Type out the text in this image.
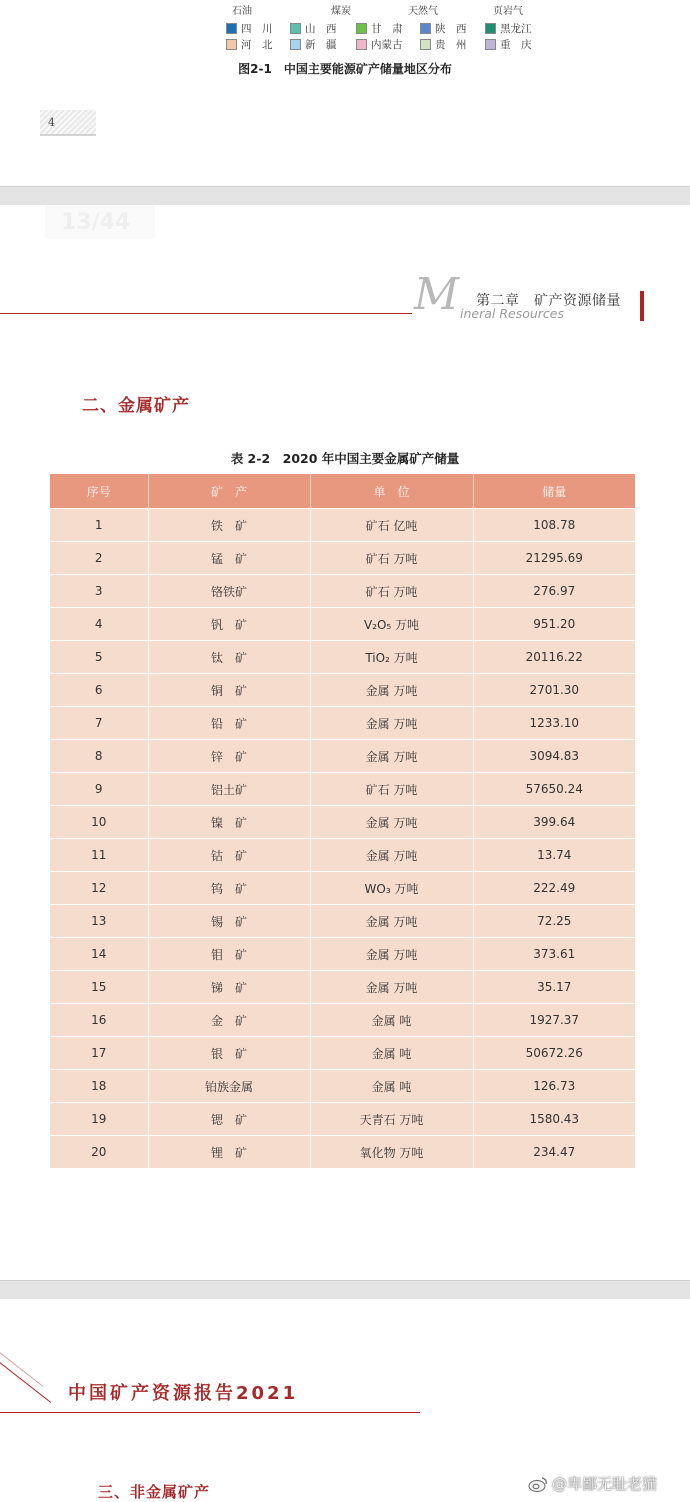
石油	煤炭	天然气	页岩气
四　川	山　西	甘　肃	陕　西	黑龙江
河　北	新　疆	内蒙古	贵　州	重　庆
图2-1　中国主要能源矿产储量地区分布
4
13/44
M ineral Resources
第二章　矿产资源储量
二、金属矿产
表 2-2　2020 年中国主要金属矿产储量
序号	矿　产	单　位	储量
1	铁　矿	矿石 亿吨	108.78
2	锰　矿	矿石 万吨	21295.69
3	铬铁矿	矿石 万吨	276.97
4	钒　矿	V₂O₅ 万吨	951.20
5	钛　矿	TiO₂ 万吨	20116.22
6	铜　矿	金属 万吨	2701.30
7	铅　矿	金属 万吨	1233.10
8	锌　矿	金属 万吨	3094.83
9	铝土矿	矿石 万吨	57650.24
10	镍　矿	金属 万吨	399.64
11	钴　矿	金属 万吨	13.74
12	钨　矿	WO₃ 万吨	222.49
13	锡　矿	金属 万吨	72.25
14	钼　矿	金属 万吨	373.61
15	锑　矿	金属 万吨	35.17
16	金　矿	金属 吨	1927.37
17	银　矿	金属 吨	50672.26
18	铂族金属	金属 吨	126.73
19	锶　矿	天青石 万吨	1580.43
20	锂　矿	氧化物 万吨	234.47
中国矿产资源报告2021
三、非金属矿产	@卑鄙无耻老猫
